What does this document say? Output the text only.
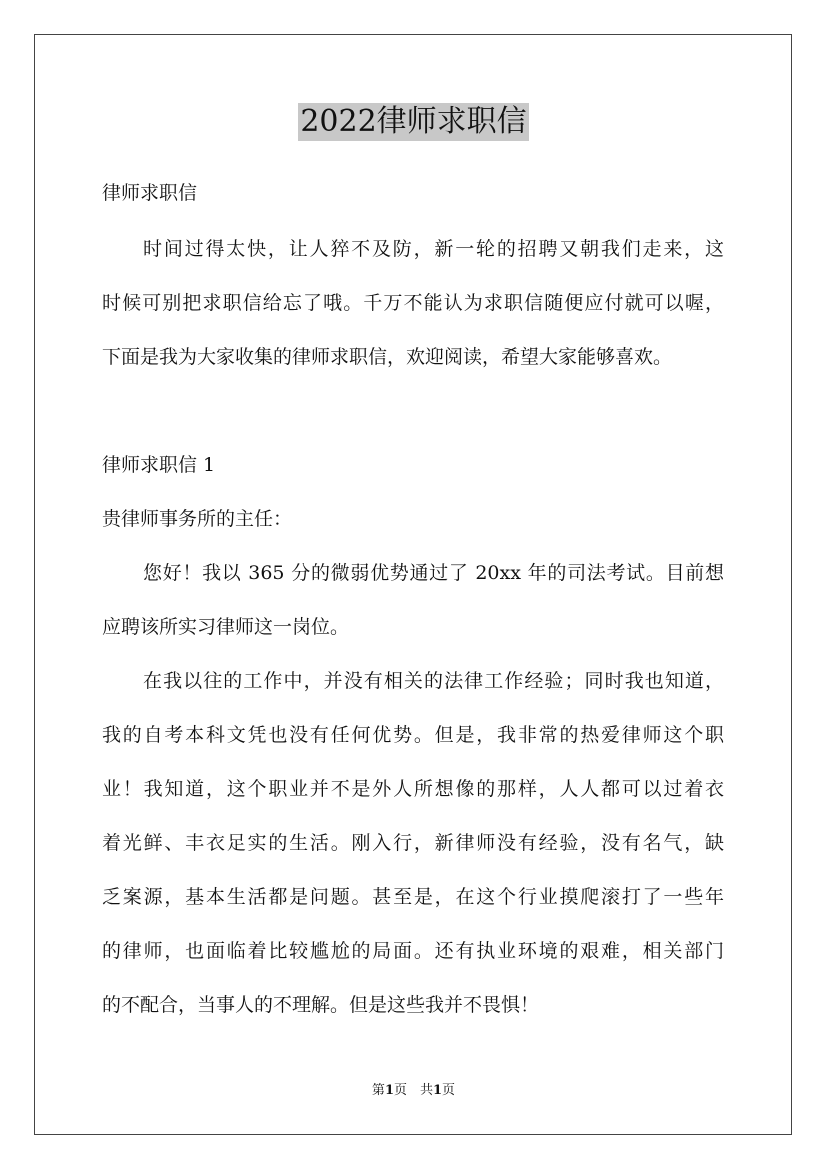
2022律师求职信
律师求职信
时间过得太快，让人猝不及防，新一轮的招聘又朝我们走来，这
时候可别把求职信给忘了哦。千万不能认为求职信随便应付就可以喔，
下面是我为大家收集的律师求职信，欢迎阅读，希望大家能够喜欢。
律师求职信 1
贵律师事务所的主任：
您好！我以 365 分的微弱优势通过了 20xx 年的司法考试。目前想
应聘该所实习律师这一岗位。
在我以往的工作中，并没有相关的法律工作经验；同时我也知道，
我的自考本科文凭也没有任何优势。但是，我非常的热爱律师这个职
业！我知道，这个职业并不是外人所想像的那样，人人都可以过着衣
着光鲜、丰衣足实的生活。刚入行，新律师没有经验，没有名气，缺
乏案源，基本生活都是问题。甚至是，在这个行业摸爬滚打了一些年
的律师，也面临着比较尴尬的局面。还有执业环境的艰难，相关部门
的不配合，当事人的不理解。但是这些我并不畏惧！
第1页　共1页
